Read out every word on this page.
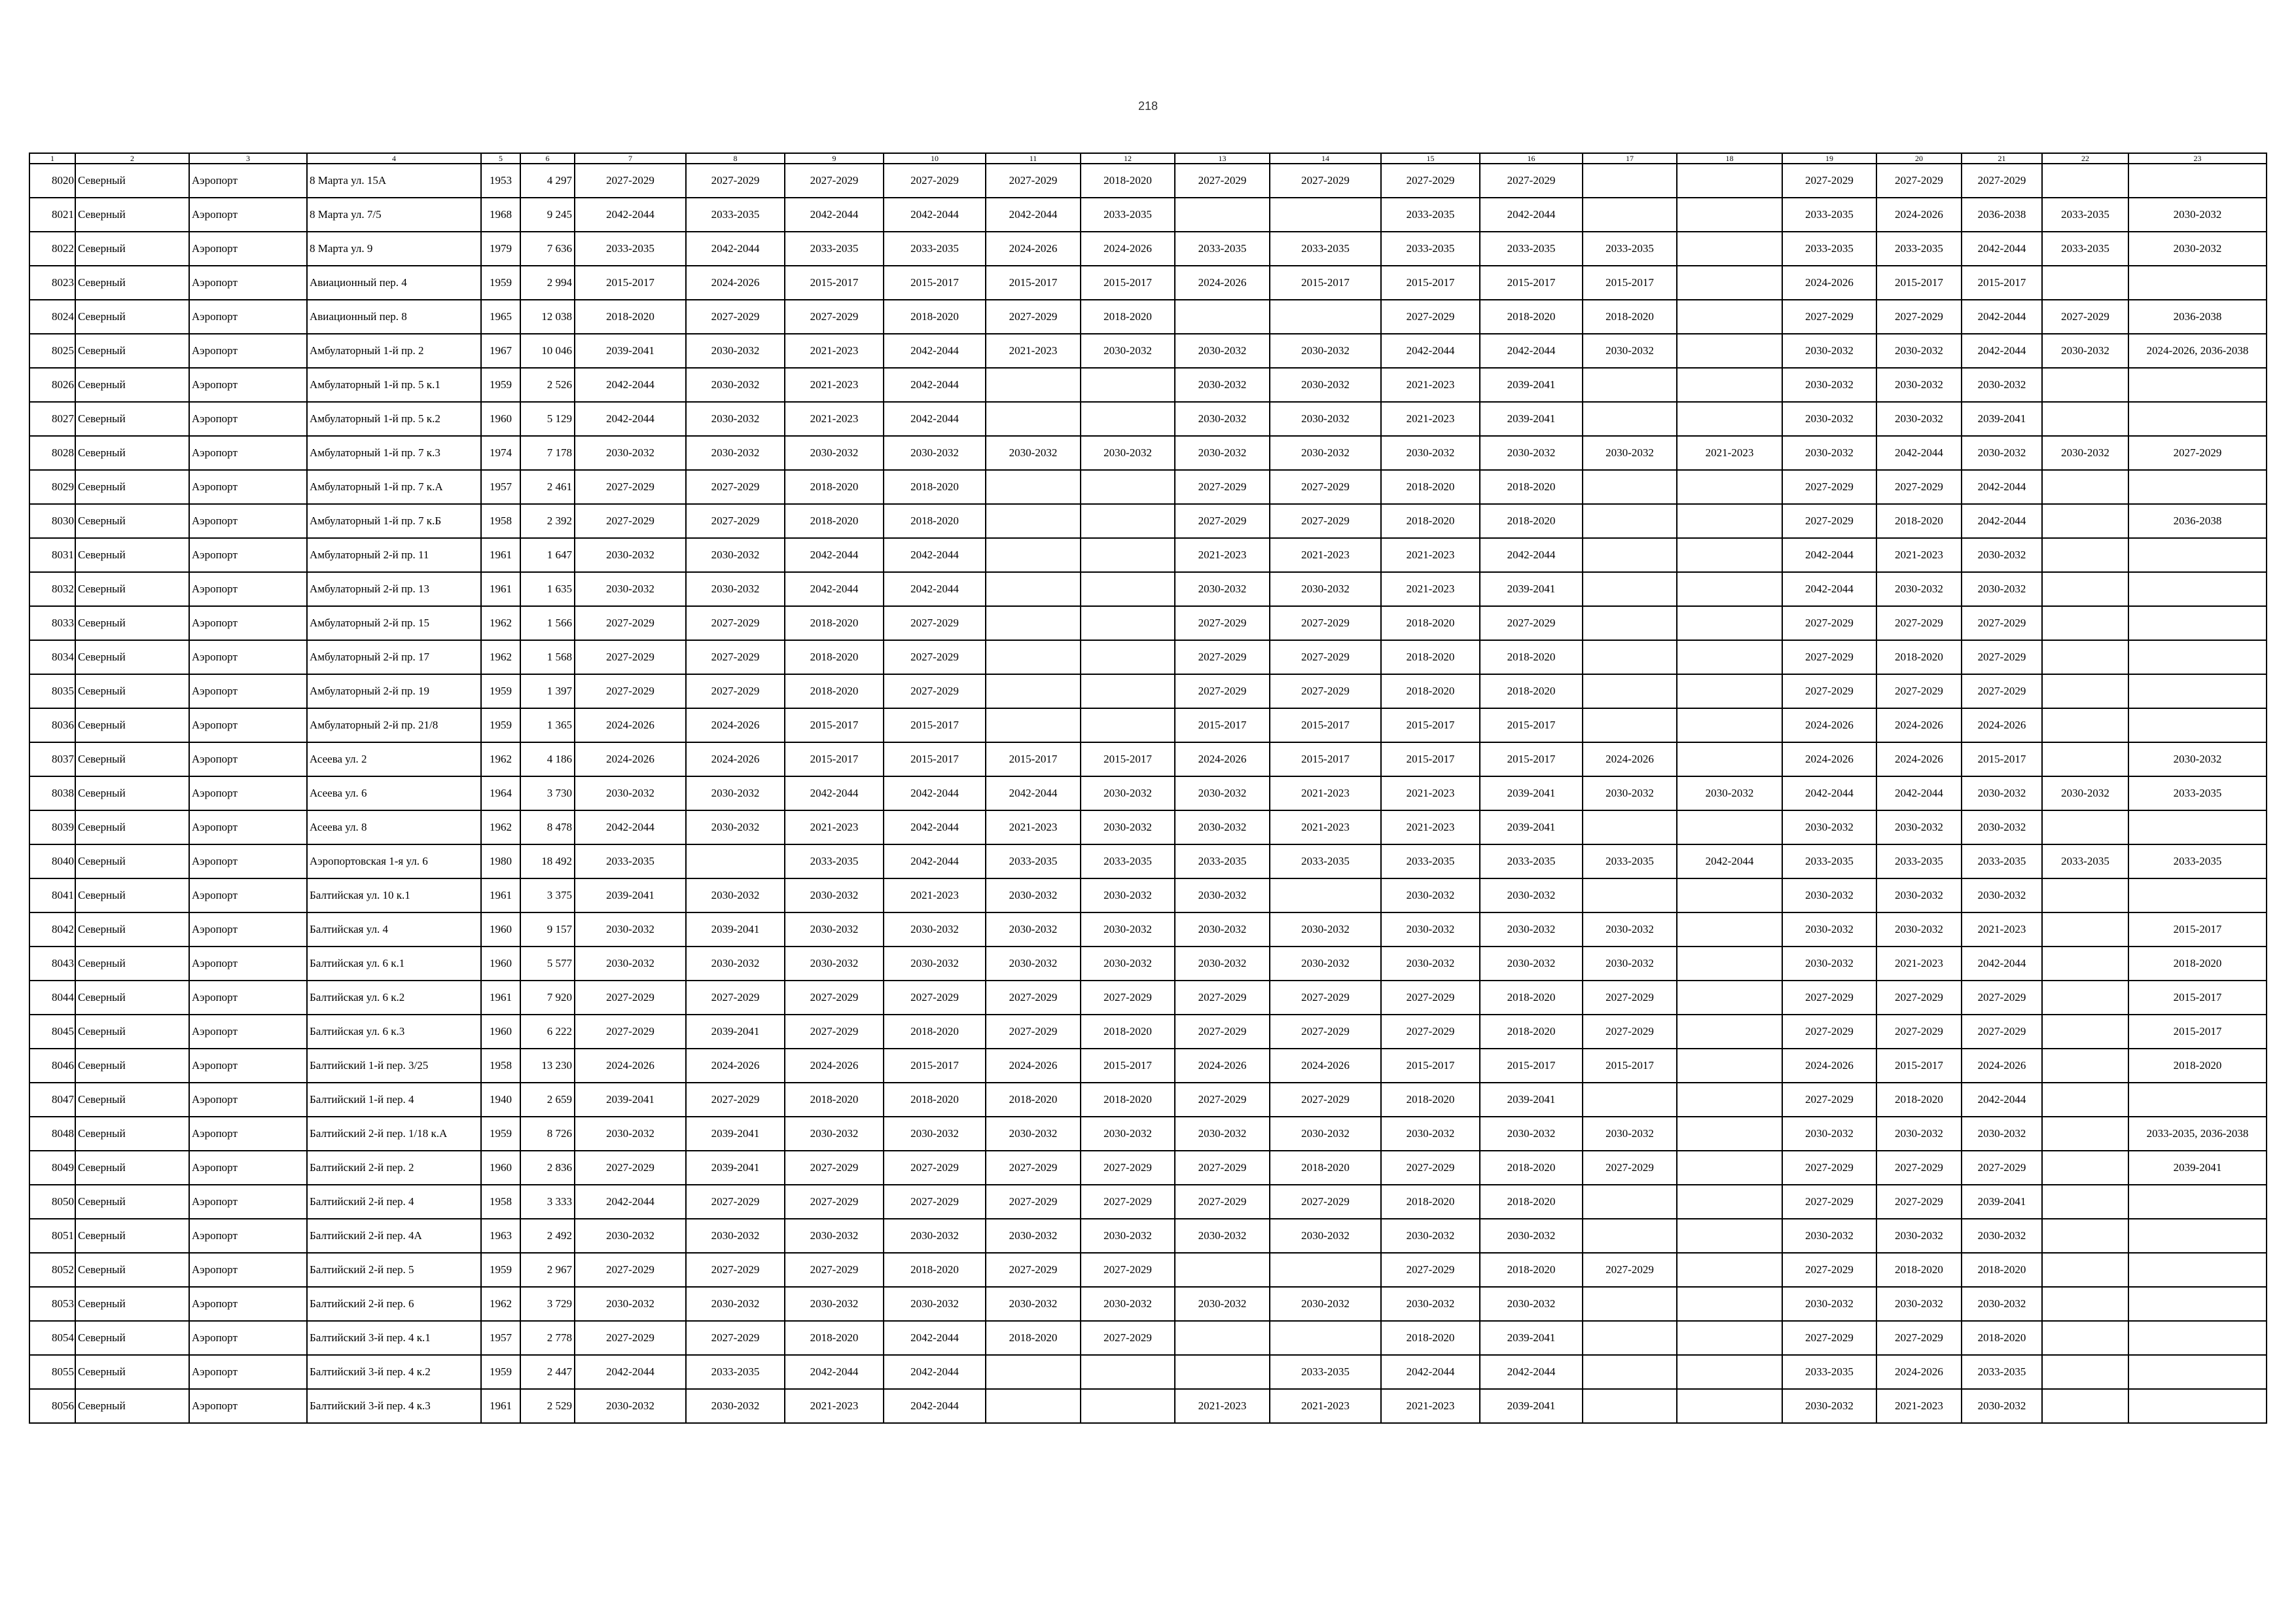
218
1	2	3	4	5	6	7	8	9	10	11	12	13	14	15	16	17	18	19	20	21	22	23
8020	Северный	Аэропорт	8 Марта ул. 15А	1953	4 297	2027-2029	2027-2029	2027-2029	2027-2029	2027-2029	2018-2020	2027-2029	2027-2029	2027-2029	2027-2029			2027-2029	2027-2029	2027-2029		
8021	Северный	Аэропорт	8 Марта ул. 7/5	1968	9 245	2042-2044	2033-2035	2042-2044	2042-2044	2042-2044	2033-2035			2033-2035	2042-2044			2033-2035	2024-2026	2036-2038	2033-2035	2030-2032
8022	Северный	Аэропорт	8 Марта ул. 9	1979	7 636	2033-2035	2042-2044	2033-2035	2033-2035	2024-2026	2024-2026	2033-2035	2033-2035	2033-2035	2033-2035	2033-2035		2033-2035	2033-2035	2042-2044	2033-2035	2030-2032
8023	Северный	Аэропорт	Авиационный пер. 4	1959	2 994	2015-2017	2024-2026	2015-2017	2015-2017	2015-2017	2015-2017	2024-2026	2015-2017	2015-2017	2015-2017	2015-2017		2024-2026	2015-2017	2015-2017		
8024	Северный	Аэропорт	Авиационный пер. 8	1965	12 038	2018-2020	2027-2029	2027-2029	2018-2020	2027-2029	2018-2020			2027-2029	2018-2020	2018-2020		2027-2029	2027-2029	2042-2044	2027-2029	2036-2038
8025	Северный	Аэропорт	Амбулаторный 1-й пр. 2	1967	10 046	2039-2041	2030-2032	2021-2023	2042-2044	2021-2023	2030-2032	2030-2032	2030-2032	2042-2044	2042-2044	2030-2032		2030-2032	2030-2032	2042-2044	2030-2032	2024-2026, 2036-2038
8026	Северный	Аэропорт	Амбулаторный 1-й пр. 5 к.1	1959	2 526	2042-2044	2030-2032	2021-2023	2042-2044			2030-2032	2030-2032	2021-2023	2039-2041			2030-2032	2030-2032	2030-2032		
8027	Северный	Аэропорт	Амбулаторный 1-й пр. 5 к.2	1960	5 129	2042-2044	2030-2032	2021-2023	2042-2044			2030-2032	2030-2032	2021-2023	2039-2041			2030-2032	2030-2032	2039-2041		
8028	Северный	Аэропорт	Амбулаторный 1-й пр. 7 к.3	1974	7 178	2030-2032	2030-2032	2030-2032	2030-2032	2030-2032	2030-2032	2030-2032	2030-2032	2030-2032	2030-2032	2030-2032	2021-2023	2030-2032	2042-2044	2030-2032	2030-2032	2027-2029
8029	Северный	Аэропорт	Амбулаторный 1-й пр. 7 к.А	1957	2 461	2027-2029	2027-2029	2018-2020	2018-2020			2027-2029	2027-2029	2018-2020	2018-2020			2027-2029	2027-2029	2042-2044		
8030	Северный	Аэропорт	Амбулаторный 1-й пр. 7 к.Б	1958	2 392	2027-2029	2027-2029	2018-2020	2018-2020			2027-2029	2027-2029	2018-2020	2018-2020			2027-2029	2018-2020	2042-2044		2036-2038
8031	Северный	Аэропорт	Амбулаторный 2-й пр. 11	1961	1 647	2030-2032	2030-2032	2042-2044	2042-2044			2021-2023	2021-2023	2021-2023	2042-2044			2042-2044	2021-2023	2030-2032		
8032	Северный	Аэропорт	Амбулаторный 2-й пр. 13	1961	1 635	2030-2032	2030-2032	2042-2044	2042-2044			2030-2032	2030-2032	2021-2023	2039-2041			2042-2044	2030-2032	2030-2032		
8033	Северный	Аэропорт	Амбулаторный 2-й пр. 15	1962	1 566	2027-2029	2027-2029	2018-2020	2027-2029			2027-2029	2027-2029	2018-2020	2027-2029			2027-2029	2027-2029	2027-2029		
8034	Северный	Аэропорт	Амбулаторный 2-й пр. 17	1962	1 568	2027-2029	2027-2029	2018-2020	2027-2029			2027-2029	2027-2029	2018-2020	2018-2020			2027-2029	2018-2020	2027-2029		
8035	Северный	Аэропорт	Амбулаторный 2-й пр. 19	1959	1 397	2027-2029	2027-2029	2018-2020	2027-2029			2027-2029	2027-2029	2018-2020	2018-2020			2027-2029	2027-2029	2027-2029		
8036	Северный	Аэропорт	Амбулаторный 2-й пр. 21/8	1959	1 365	2024-2026	2024-2026	2015-2017	2015-2017			2015-2017	2015-2017	2015-2017	2015-2017			2024-2026	2024-2026	2024-2026		
8037	Северный	Аэропорт	Асеева ул. 2	1962	4 186	2024-2026	2024-2026	2015-2017	2015-2017	2015-2017	2015-2017	2024-2026	2015-2017	2015-2017	2015-2017	2024-2026		2024-2026	2024-2026	2015-2017		2030-2032
8038	Северный	Аэропорт	Асеева ул. 6	1964	3 730	2030-2032	2030-2032	2042-2044	2042-2044	2042-2044	2030-2032	2030-2032	2021-2023	2021-2023	2039-2041	2030-2032	2030-2032	2042-2044	2042-2044	2030-2032	2030-2032	2033-2035
8039	Северный	Аэропорт	Асеева ул. 8	1962	8 478	2042-2044	2030-2032	2021-2023	2042-2044	2021-2023	2030-2032	2030-2032	2021-2023	2021-2023	2039-2041			2030-2032	2030-2032	2030-2032		
8040	Северный	Аэропорт	Аэропортовская 1-я ул. 6	1980	18 492	2033-2035		2033-2035	2042-2044	2033-2035	2033-2035	2033-2035	2033-2035	2033-2035	2033-2035	2033-2035	2042-2044	2033-2035	2033-2035	2033-2035	2033-2035	2033-2035
8041	Северный	Аэропорт	Балтийская ул. 10 к.1	1961	3 375	2039-2041	2030-2032	2030-2032	2021-2023	2030-2032	2030-2032	2030-2032		2030-2032	2030-2032			2030-2032	2030-2032	2030-2032		
8042	Северный	Аэропорт	Балтийская ул. 4	1960	9 157	2030-2032	2039-2041	2030-2032	2030-2032	2030-2032	2030-2032	2030-2032	2030-2032	2030-2032	2030-2032	2030-2032		2030-2032	2030-2032	2021-2023		2015-2017
8043	Северный	Аэропорт	Балтийская ул. 6 к.1	1960	5 577	2030-2032	2030-2032	2030-2032	2030-2032	2030-2032	2030-2032	2030-2032	2030-2032	2030-2032	2030-2032	2030-2032		2030-2032	2021-2023	2042-2044		2018-2020
8044	Северный	Аэропорт	Балтийская ул. 6 к.2	1961	7 920	2027-2029	2027-2029	2027-2029	2027-2029	2027-2029	2027-2029	2027-2029	2027-2029	2027-2029	2018-2020	2027-2029		2027-2029	2027-2029	2027-2029		2015-2017
8045	Северный	Аэропорт	Балтийская ул. 6 к.3	1960	6 222	2027-2029	2039-2041	2027-2029	2018-2020	2027-2029	2018-2020	2027-2029	2027-2029	2027-2029	2018-2020	2027-2029		2027-2029	2027-2029	2027-2029		2015-2017
8046	Северный	Аэропорт	Балтийский 1-й пер. 3/25	1958	13 230	2024-2026	2024-2026	2024-2026	2015-2017	2024-2026	2015-2017	2024-2026	2024-2026	2015-2017	2015-2017	2015-2017		2024-2026	2015-2017	2024-2026		2018-2020
8047	Северный	Аэропорт	Балтийский 1-й пер. 4	1940	2 659	2039-2041	2027-2029	2018-2020	2018-2020	2018-2020	2018-2020	2027-2029	2027-2029	2018-2020	2039-2041			2027-2029	2018-2020	2042-2044		
8048	Северный	Аэропорт	Балтийский 2-й пер. 1/18 к.А	1959	8 726	2030-2032	2039-2041	2030-2032	2030-2032	2030-2032	2030-2032	2030-2032	2030-2032	2030-2032	2030-2032	2030-2032		2030-2032	2030-2032	2030-2032		2033-2035, 2036-2038
8049	Северный	Аэропорт	Балтийский 2-й пер. 2	1960	2 836	2027-2029	2039-2041	2027-2029	2027-2029	2027-2029	2027-2029	2027-2029	2018-2020	2027-2029	2018-2020	2027-2029		2027-2029	2027-2029	2027-2029		2039-2041
8050	Северный	Аэропорт	Балтийский 2-й пер. 4	1958	3 333	2042-2044	2027-2029	2027-2029	2027-2029	2027-2029	2027-2029	2027-2029	2027-2029	2018-2020	2018-2020			2027-2029	2027-2029	2039-2041		
8051	Северный	Аэропорт	Балтийский 2-й пер. 4А	1963	2 492	2030-2032	2030-2032	2030-2032	2030-2032	2030-2032	2030-2032	2030-2032	2030-2032	2030-2032	2030-2032			2030-2032	2030-2032	2030-2032		
8052	Северный	Аэропорт	Балтийский 2-й пер. 5	1959	2 967	2027-2029	2027-2029	2027-2029	2018-2020	2027-2029	2027-2029			2027-2029	2018-2020	2027-2029		2027-2029	2018-2020	2018-2020		
8053	Северный	Аэропорт	Балтийский 2-й пер. 6	1962	3 729	2030-2032	2030-2032	2030-2032	2030-2032	2030-2032	2030-2032	2030-2032	2030-2032	2030-2032	2030-2032			2030-2032	2030-2032	2030-2032		
8054	Северный	Аэропорт	Балтийский 3-й пер. 4 к.1	1957	2 778	2027-2029	2027-2029	2018-2020	2042-2044	2018-2020	2027-2029			2018-2020	2039-2041			2027-2029	2027-2029	2018-2020		
8055	Северный	Аэропорт	Балтийский 3-й пер. 4 к.2	1959	2 447	2042-2044	2033-2035	2042-2044	2042-2044				2033-2035	2042-2044	2042-2044			2033-2035	2024-2026	2033-2035		
8056	Северный	Аэропорт	Балтийский 3-й пер. 4 к.3	1961	2 529	2030-2032	2030-2032	2021-2023	2042-2044			2021-2023	2021-2023	2021-2023	2039-2041			2030-2032	2021-2023	2030-2032		
